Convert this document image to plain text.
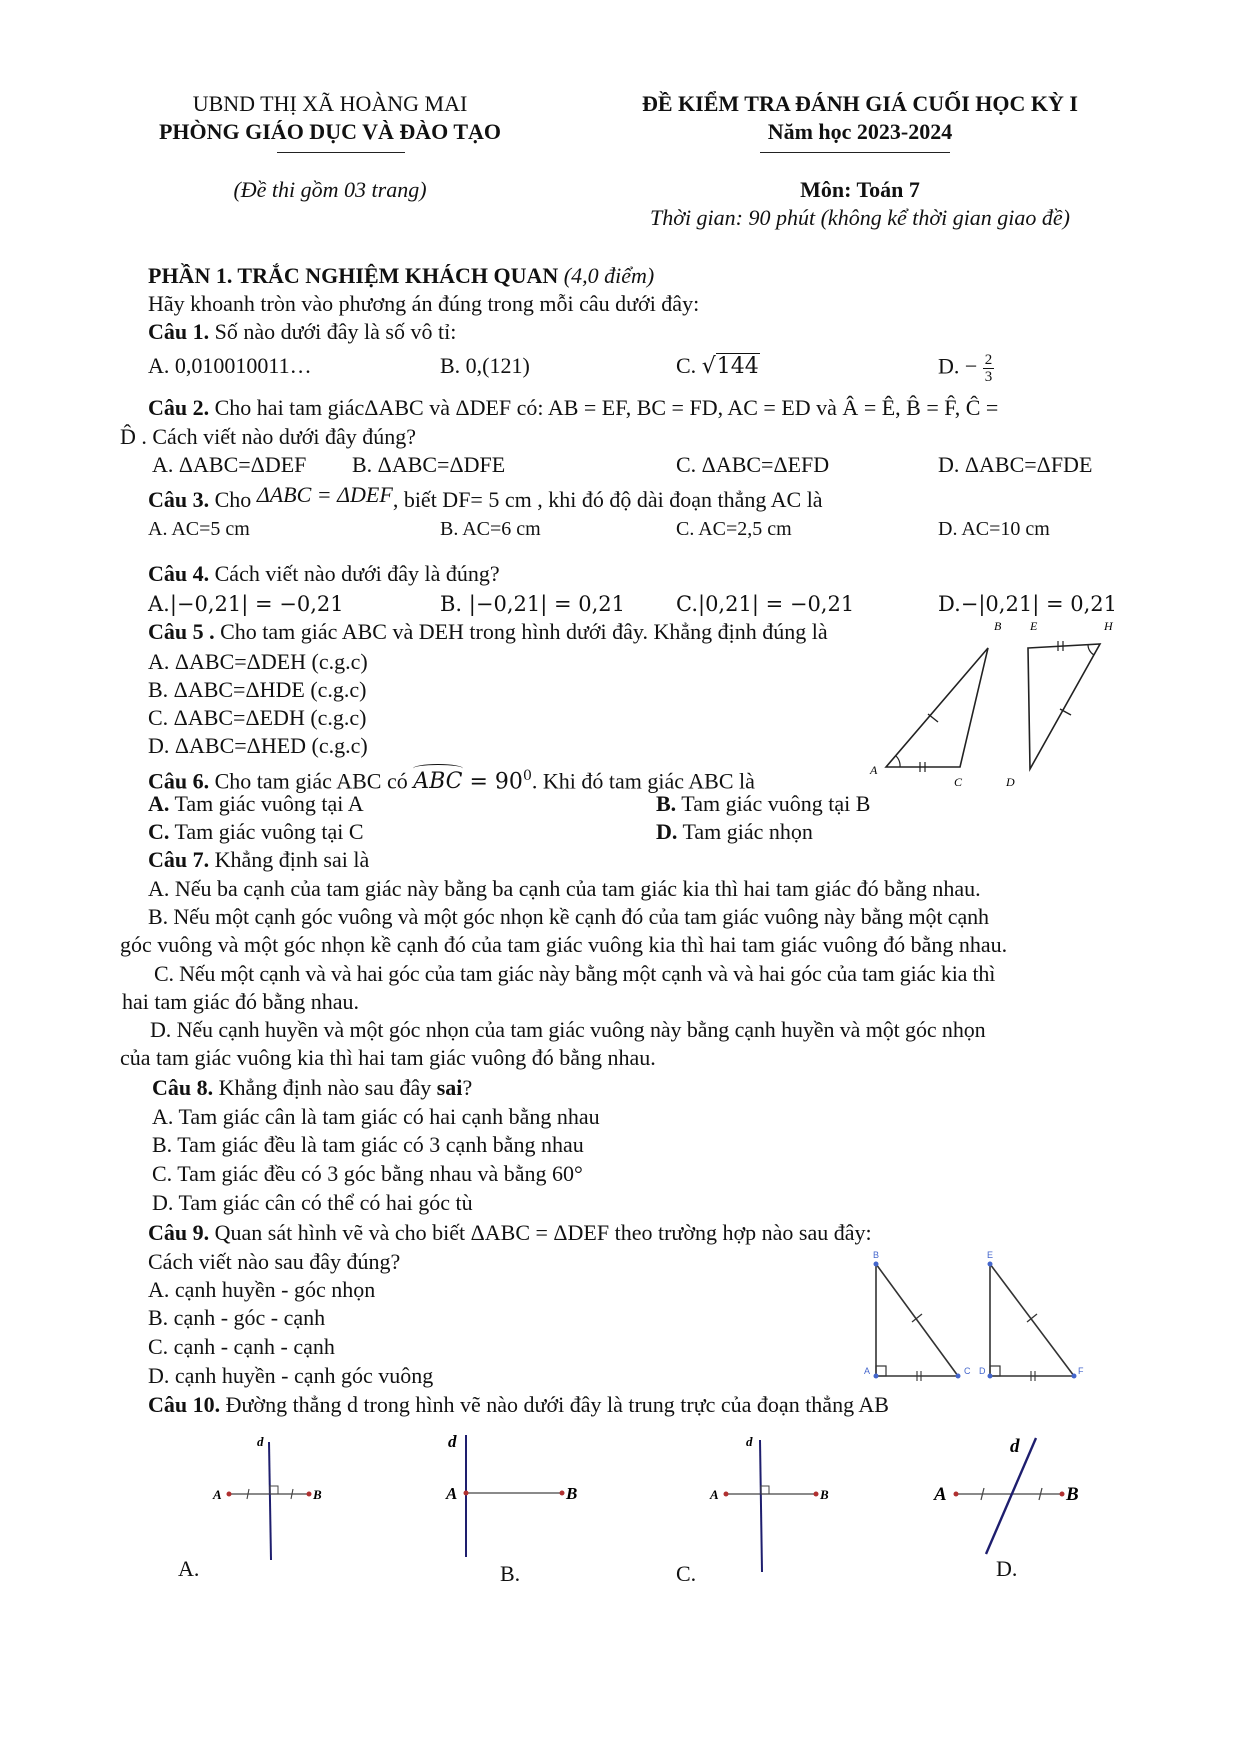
UBND THỊ XÃ HOÀNG MAI
PHÒNG GIÁO DỤC VÀ ĐÀO TẠO
(Đề thi gồm 03 trang)
ĐỀ KIỂM TRA ĐÁNH GIÁ CUỐI HỌC KỲ I
Năm học 2023-2024
Môn: Toán 7
Thời gian: 90 phút (không kể thời gian giao đề)
PHẦN 1. TRẮC NGHIỆM KHÁCH QUAN (4,0 điểm)
Hãy khoanh tròn vào phương án đúng trong mỗi câu dưới đây:
Câu 1. Số nào dưới đây là số vô tỉ:
A. 0,010010011…	B. 0,(121)	C. √144	D. − $\frac{2}{3}$
Câu 2. Cho hai tam giácΔABC và ΔDEF có: AB = EF, BC = FD, AC = ED và Â = Ê, B̂ = F̂, Ĉ =
D̂ . Cách viết nào dưới đây đúng?
A. ΔABC=ΔDEF B. ΔABC=ΔDFE	C. ΔABC=ΔEFD	D. ΔABC=ΔFDE
Câu 3. Cho ΔABC = ΔDEF, biết DF= 5 cm , khi đó độ dài đoạn thẳng AC là
A. AC=5 cm	B. AC=6 cm	C. AC=2,5 cm	D. AC=10 cm
Câu 4. Cách viết nào dưới đây là đúng?
A.|−0,21| = −0,21	B. |−0,21| = 0,21 C.|0,21| = −0,21	D.−|0,21| = 0,21
Câu 5 . Cho tam giác ABC và DEH trong hình dưới đây. Khẳng định đúng là
A. ΔABC=ΔDEH (c.g.c)
B. ΔABC=ΔHDE (c.g.c)
C. ΔABC=ΔEDH (c.g.c)
D. ΔABC=ΔHED (c.g.c)
B E	H
A
C	D
Câu 6. Cho tam giác ABC có ABC = $90^0$. Khi đó tam giác ABC là
A. Tam giác vuông tại A	B. Tam giác vuông tại B
C. Tam giác vuông tại C	D. Tam giác nhọn
Câu 7. Khẳng định sai là
A. Nếu ba cạnh của tam giác này bằng ba cạnh của tam giác kia thì hai tam giác đó bằng nhau.
B. Nếu một cạnh góc vuông và một góc nhọn kề cạnh đó của tam giác vuông này bằng một cạnh
góc vuông và một góc nhọn kề cạnh đó của tam giác vuông kia thì hai tam giác vuông đó bằng nhau.
C. Nếu một cạnh và và hai góc của tam giác này bằng một cạnh và và hai góc của tam giác kia thì
hai tam giác đó bằng nhau.
D. Nếu cạnh huyền và một góc nhọn của tam giác vuông này bằng cạnh huyền và một góc nhọn
của tam giác vuông kia thì hai tam giác vuông đó bằng nhau.
Câu 8. Khẳng định nào sau đây sai?
A. Tam giác cân là tam giác có hai cạnh bằng nhau
B. Tam giác đều là tam giác có 3 cạnh bằng nhau
C. Tam giác đều có 3 góc bằng nhau và bằng 60°
D. Tam giác cân có thể có hai góc tù
Câu 9. Quan sát hình vẽ và cho biết ΔABC = ΔDEF theo trường hợp nào sau đây:
Cách viết nào sau đây đúng?
A. cạnh huyền - góc nhọn
B. cạnh - góc - cạnh
C. cạnh - cạnh - cạnh
D. cạnh huyền - cạnh góc vuông
B
A	C
E
D	F
Câu 10. Đường thẳng d trong hình vẽ nào dưới đây là trung trực của đoạn thẳng AB
A	B
d
A.
A	B
d
B.
A	B
d
C.
A	B
d
D.
